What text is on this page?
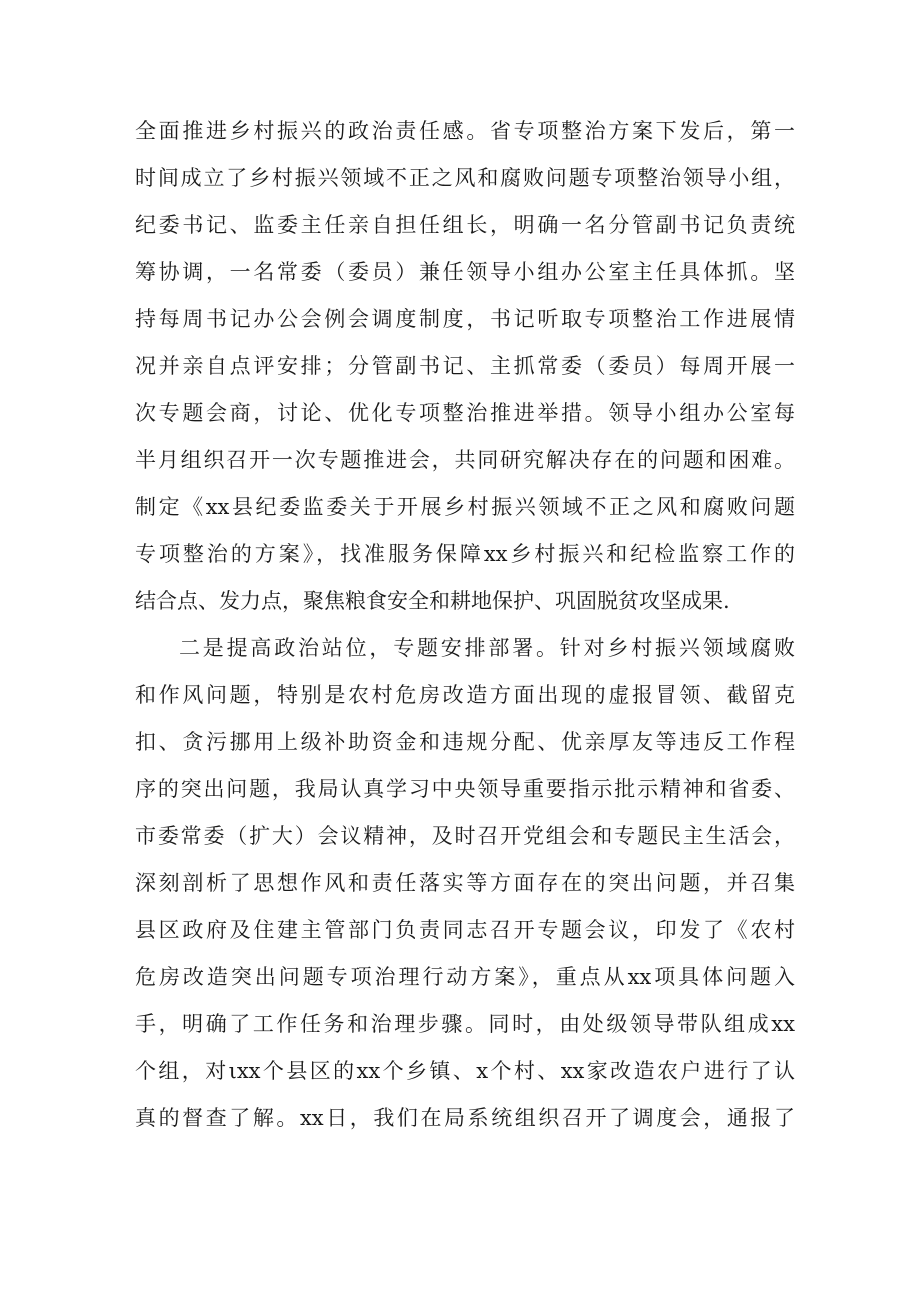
全面推进乡村振兴的政治责任感。省专项整治方案下发后，第一
时间成立了乡村振兴领域不正之风和腐败问题专项整治领导小组，
纪委书记、监委主任亲自担任组长，明确一名分管副书记负责统
筹协调，一名常委（委员）兼任领导小组办公室主任具体抓。坚
持每周书记办公会例会调度制度，书记听取专项整治工作进展情
况并亲自点评安排；分管副书记、主抓常委（委员）每周开展一
次专题会商，讨论、优化专项整治推进举措。领导小组办公室每
半月组织召开一次专题推进会，共同研究解决存在的问题和困难。
制定《xx县纪委监委关于开展乡村振兴领域不正之风和腐败问题
专项整治的方案》，找准服务保障xx乡村振兴和纪检监察工作的
结合点、发力点，聚焦粮食安全和耕地保护、巩固脱贫攻坚成果.
二是提高政治站位，专题安排部署。针对乡村振兴领域腐败
和作风问题，特别是农村危房改造方面出现的虚报冒领、截留克
扣、贪污挪用上级补助资金和违规分配、优亲厚友等违反工作程
序的突出问题，我局认真学习中央领导重要指示批示精神和省委、
市委常委（扩大）会议精神，及时召开党组会和专题民主生活会，
深刻剖析了思想作风和责任落实等方面存在的突出问题，并召集
县区政府及住建主管部门负责同志召开专题会议，印发了《农村
危房改造突出问题专项治理行动方案》，重点从xx项具体问题入
手，明确了工作任务和治理步骤。同时，由处级领导带队组成xx
个组，对ιxx个县区的xx个乡镇、x个村、xx家改造农户进行了认
真的督查了解。xx日，我们在局系统组织召开了调度会，通报了
